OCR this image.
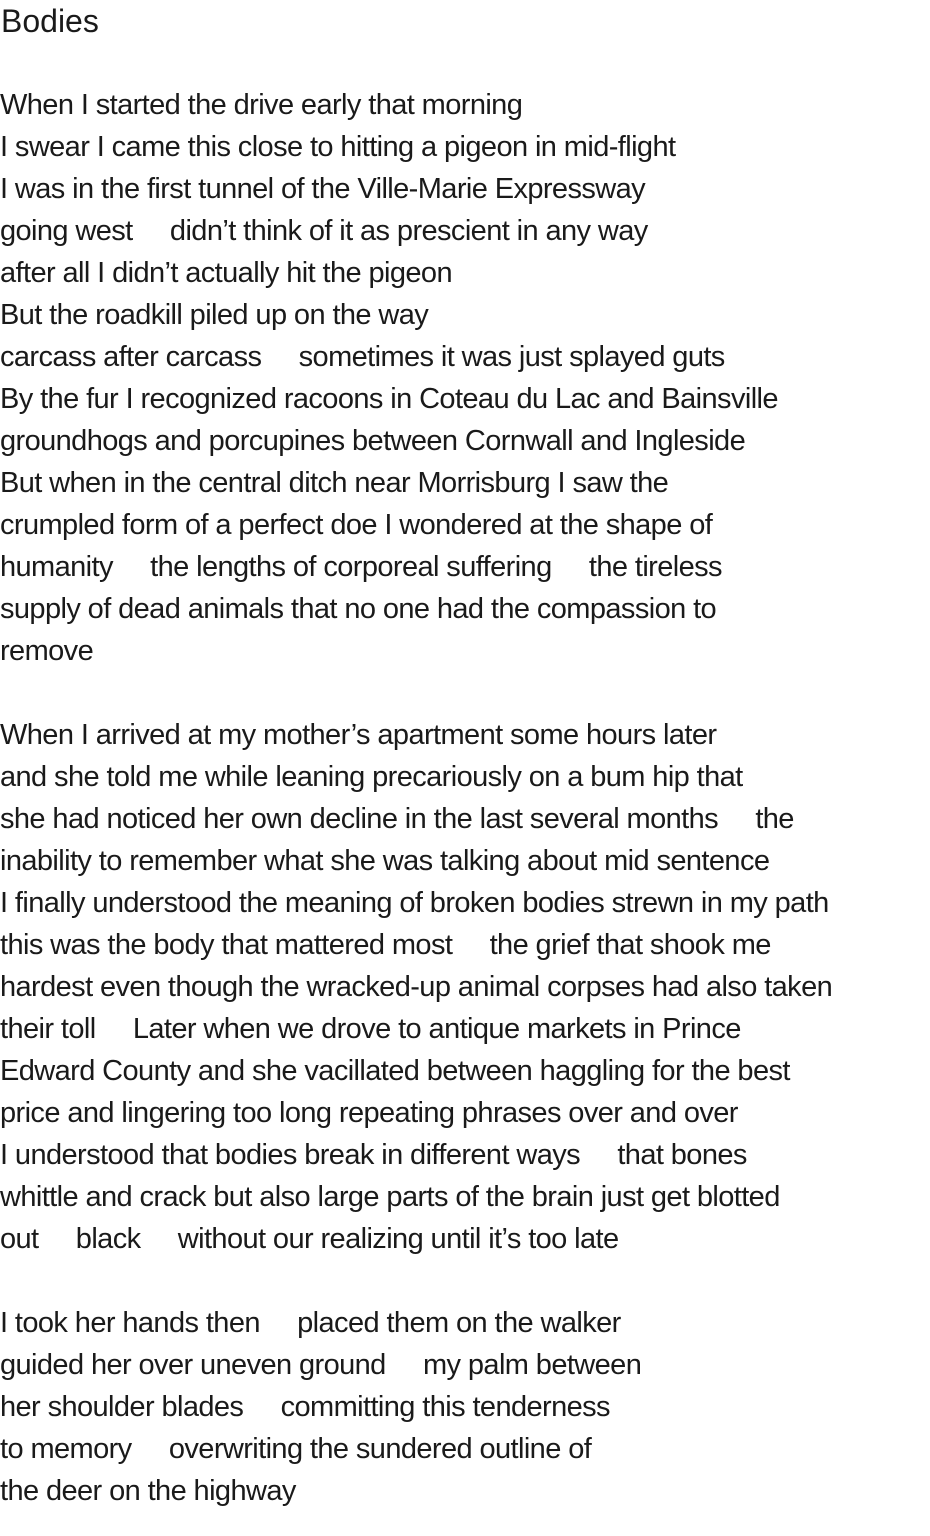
Bodies
When I started the drive early that morning
I swear I came this close to hitting a pigeon in mid-flight
I was in the first tunnel of the Ville-Marie Expressway
going west     didn’t think of it as prescient in any way
after all I didn’t actually hit the pigeon
But the roadkill piled up on the way
carcass after carcass     sometimes it was just splayed guts
By the fur I recognized racoons in Coteau du Lac and Bainsville
groundhogs and porcupines between Cornwall and Ingleside
But when in the central ditch near Morrisburg I saw the
crumpled form of a perfect doe I wondered at the shape of
humanity     the lengths of corporeal suffering     the tireless
supply of dead animals that no one had the compassion to
remove
When I arrived at my mother’s apartment some hours later
and she told me while leaning precariously on a bum hip that
she had noticed her own decline in the last several months     the
inability to remember what she was talking about mid sentence
I finally understood the meaning of broken bodies strewn in my path
this was the body that mattered most     the grief that shook me
hardest even though the wracked-up animal corpses had also taken
their toll     Later when we drove to antique markets in Prince
Edward County and she vacillated between haggling for the best
price and lingering too long repeating phrases over and over
I understood that bodies break in different ways     that bones
whittle and crack but also large parts of the brain just get blotted
out     black     without our realizing until it’s too late
I took her hands then     placed them on the walker
guided her over uneven ground     my palm between
her shoulder blades     committing this tenderness
to memory     overwriting the sundered outline of
the deer on the highway
